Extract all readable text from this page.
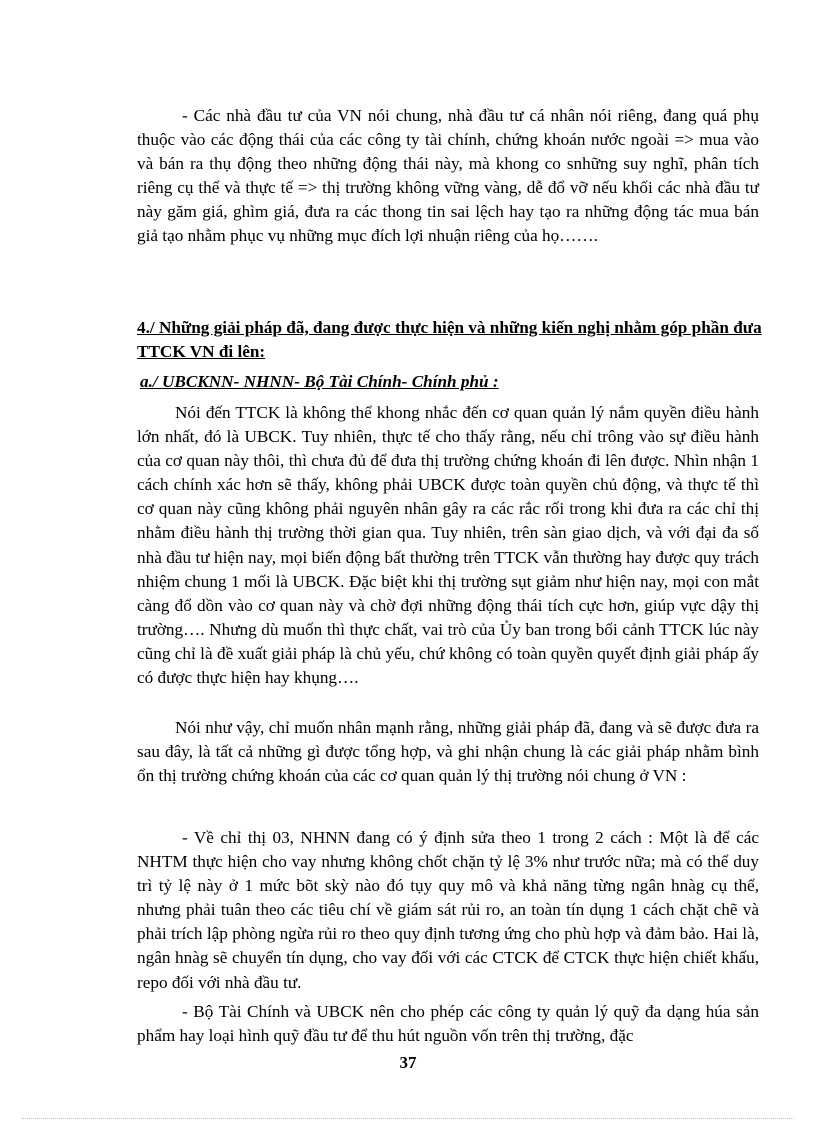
- Các nhà đầu tư của VN nói chung, nhà đầu tư cá nhân nói riêng, đang quá phụ thuộc vào các động thái của các công ty tài chính, chứng khoán nước ngoài => mua vào và bán ra thụ động theo những động thái này, mà khong co snhững suy nghĩ, phân tích riêng cụ thể và thực tế => thị trường không vững vàng, dễ đổ vỡ nếu khối các nhà đầu tư này găm giá, ghìm giá, đưa ra các thong tin sai lệch hay tạo ra những động tác mua bán giả tạo nhằm phục vụ những mục đích lợi nhuận riêng của họ…….

4./ Những giải pháp đã, đang được thực hiện và những kiến nghị nhằm góp phần đưa TTCK VN đi lên:

a./ UBCKNN- NHNN- Bộ Tài Chính- Chính phủ :

Nói đến TTCK là không thể khong nhắc đến cơ quan quản lý nắm quyền điều hành lớn nhất, đó là UBCK. Tuy nhiên, thực tế cho thấy rằng, nếu chỉ trông vào sự điều hành của cơ quan này thôi, thì chưa đủ để đưa thị trường chứng khoán đi lên được. Nhìn nhận 1 cách chính xác hơn sẽ thấy, không phải UBCK được toàn quyền chủ động, và thực tế thì cơ quan này cũng không phải nguyên nhân gây ra các rắc rối trong khi đưa ra các chỉ thị nhằm điều hành thị trường thời gian qua. Tuy nhiên, trên sàn giao dịch, và với đại đa số nhà đầu tư hiện nay, mọi biến động bất thường trên TTCK vẫn thường hay được quy trách nhiệm chung 1 mối là UBCK. Đặc biệt khi thị trường sụt giảm như hiện nay, mọi con mắt càng đổ dồn vào cơ quan này và chờ đợi những động thái tích cực hơn, giúp vực dậy thị trường…. Nhưng dù muốn thì thực chất, vai trò của Ủy ban trong bối cảnh TTCK lúc này cũng chỉ là đề xuất giải pháp là chủ yếu, chứ không có toàn quyền quyết định giải pháp ấy có được thực hiện hay khụng….

Nói như vậy, chỉ muốn nhân mạnh rằng, những giải pháp đã, đang và sẽ được đưa ra sau đây, là tất cả những gì được tổng hợp, và ghi nhận chung là các giải pháp nhằm bình ổn thị trường chứng khoán của các cơ quan quản lý thị trường nói chung ở VN :

- Về chỉ thị 03, NHNN đang có ý định sửa theo 1 trong 2 cách : Một là để các NHTM thực hiện cho vay nhưng không chốt chặn tỷ lệ 3% như trước nữa; mà có thể duy trì tỷ lệ này ở 1 mức bõt skỳ nào đó tụy quy mô và khả năng từng ngân hnàg cụ thể, nhưng phải tuân theo các tiêu chí về giám sát rủi ro, an toàn tín dụng 1 cách chặt chẽ và phải trích lập phòng ngừa rủi ro theo quy định tương ứng cho phù hợp và đảm bảo. Hai là, ngân hnàg sẽ chuyển tín dụng, cho vay đối với các CTCK để CTCK thực hiện chiết khấu, repo đối với nhà đầu tư.

- Bộ Tài Chính và UBCK nên cho phép các công ty quản lý quỹ đa dạng húa sản phẩm hay loại hình quỹ đầu tư để thu hút nguồn vốn trên thị trường, đặc

37
